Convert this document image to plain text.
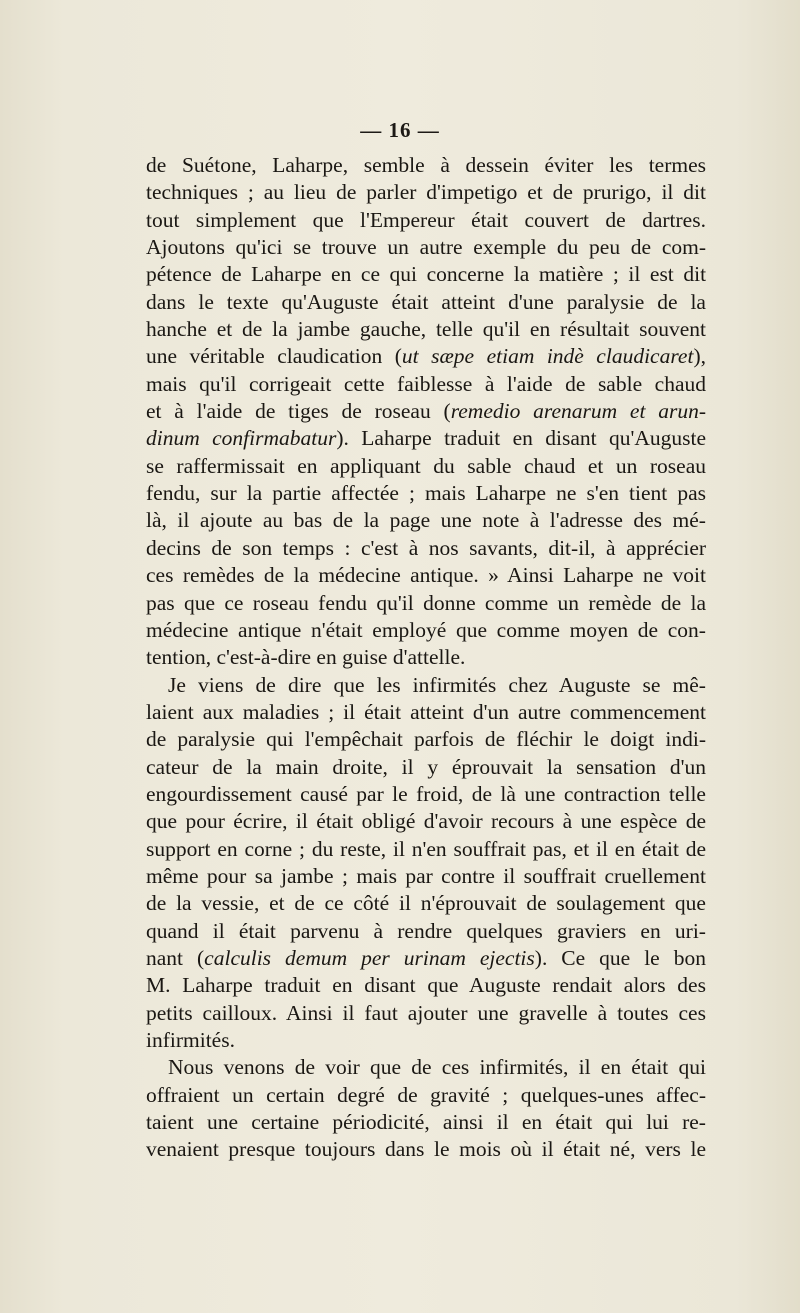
— 16 —
de Suétone, Laharpe, semble à dessein éviter les termes
techniques ; au lieu de parler d'impetigo et de prurigo, il dit
tout simplement que l'Empereur était couvert de dartres.
Ajoutons qu'ici se trouve un autre exemple du peu de com-
pétence de Laharpe en ce qui concerne la matière ; il est dit
dans le texte qu'Auguste était atteint d'une paralysie de la
hanche et de la jambe gauche, telle qu'il en résultait souvent
une véritable claudication (ut sæpe etiam indè claudicaret),
mais qu'il corrigeait cette faiblesse à l'aide de sable chaud
et à l'aide de tiges de roseau (remedio arenarum et arun-
dinum confirmabatur). Laharpe traduit en disant qu'Auguste
se raffermissait en appliquant du sable chaud et un roseau
fendu, sur la partie affectée ; mais Laharpe ne s'en tient pas
là, il ajoute au bas de la page une note à l'adresse des mé-
decins de son temps : c'est à nos savants, dit-il, à apprécier
ces remèdes de la médecine antique. » Ainsi Laharpe ne voit
pas que ce roseau fendu qu'il donne comme un remède de la
médecine antique n'était employé que comme moyen de con-
tention, c'est-à-dire en guise d'attelle.
Je viens de dire que les infirmités chez Auguste se mê-
laient aux maladies ; il était atteint d'un autre commencement
de paralysie qui l'empêchait parfois de fléchir le doigt indi-
cateur de la main droite, il y éprouvait la sensation d'un
engourdissement causé par le froid, de là une contraction telle
que pour écrire, il était obligé d'avoir recours à une espèce de
support en corne ; du reste, il n'en souffrait pas, et il en était de
même pour sa jambe ; mais par contre il souffrait cruellement
de la vessie, et de ce côté il n'éprouvait de soulagement que
quand il était parvenu à rendre quelques graviers en uri-
nant (calculis demum per urinam ejectis). Ce que le bon
M. Laharpe traduit en disant que Auguste rendait alors des
petits cailloux. Ainsi il faut ajouter une gravelle à toutes ces
infirmités.
Nous venons de voir que de ces infirmités, il en était qui
offraient un certain degré de gravité ; quelques-unes affec-
taient une certaine périodicité, ainsi il en était qui lui re-
venaient presque toujours dans le mois où il était né, vers le
